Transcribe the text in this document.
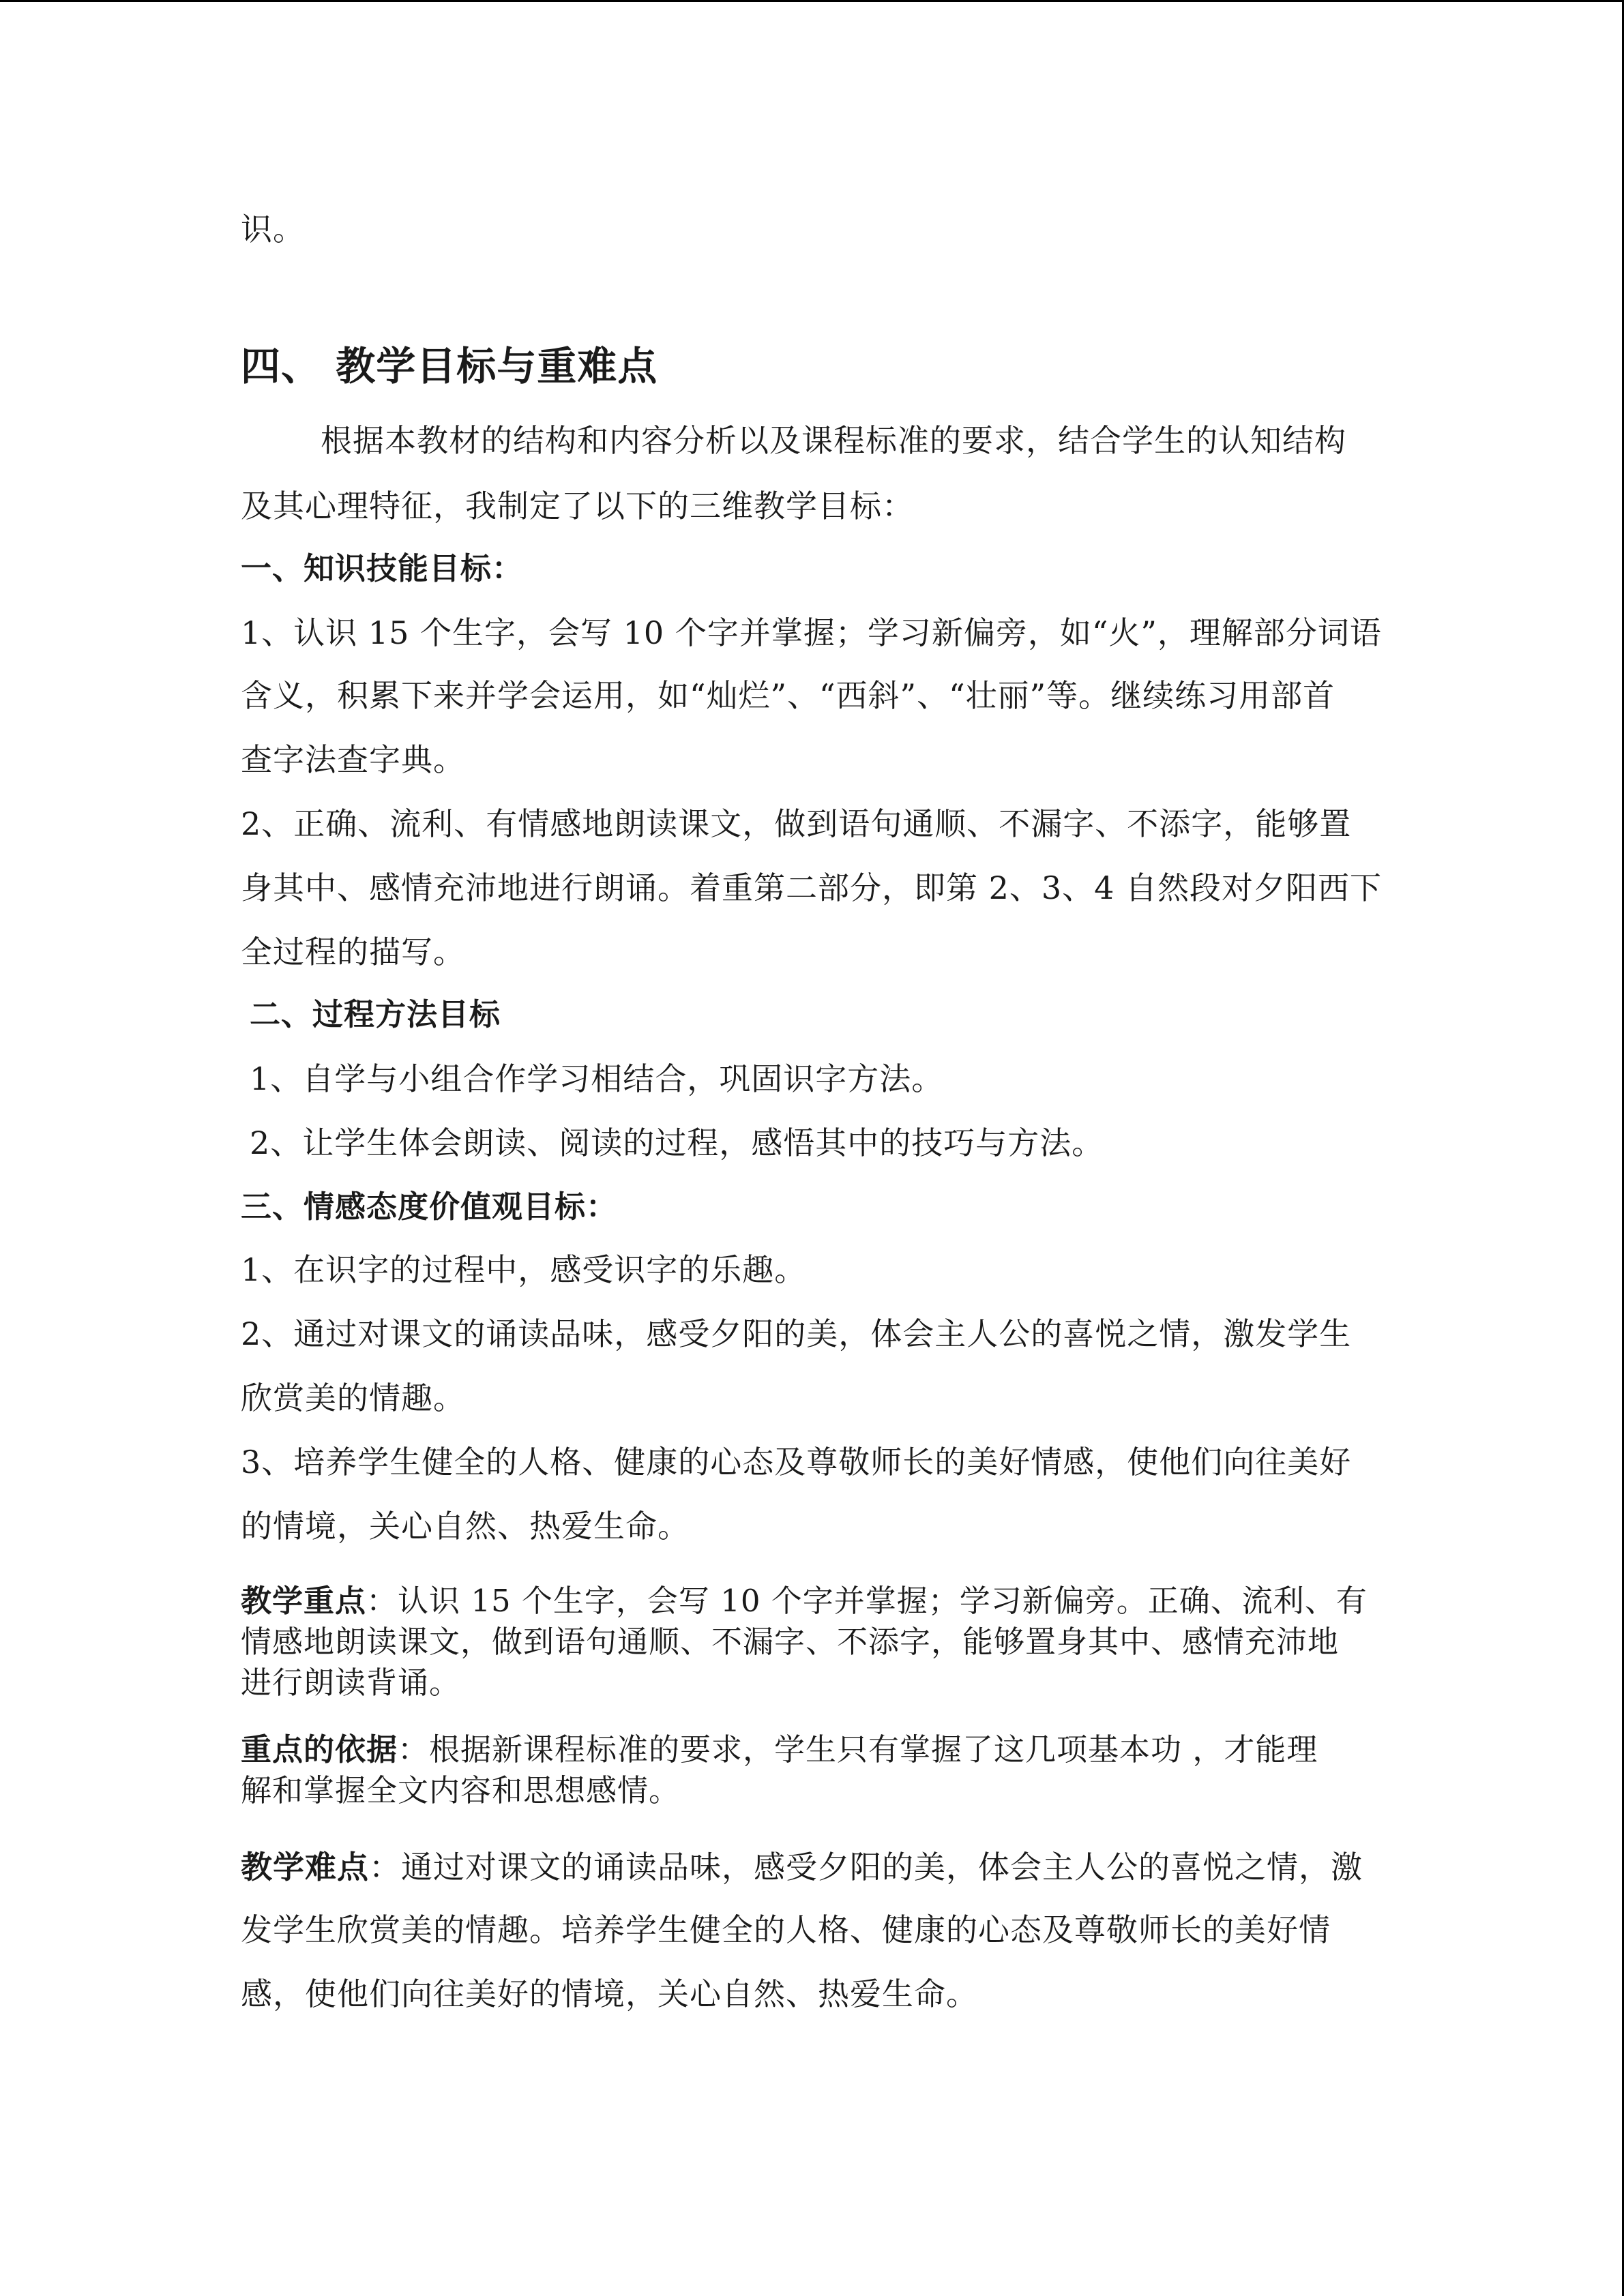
识。
四、 教学目标与重难点
根据本教材的结构和内容分析以及课程标准的要求，结合学生的认知结构
及其心理特征，我制定了以下的三维教学目标：
一、知识技能目标：
1、认识 15 个生字，会写 10 个字并掌握；学习新偏旁，如“火”，理解部分词语
含义，积累下来并学会运用，如“灿烂”、“西斜”、“壮丽”等。继续练习用部首
查字法查字典。
2、正确、流利、有情感地朗读课文，做到语句通顺、不漏字、不添字，能够置
身其中、感情充沛地进行朗诵。着重第二部分，即第 2、3、4 自然段对夕阳西下
全过程的描写。
二、过程方法目标
1、自学与小组合作学习相结合，巩固识字方法。
2、让学生体会朗读、阅读的过程，感悟其中的技巧与方法。
三、情感态度价值观目标：
1、在识字的过程中，感受识字的乐趣。
2、通过对课文的诵读品味，感受夕阳的美，体会主人公的喜悦之情，激发学生
欣赏美的情趣。
3、培养学生健全的人格、健康的心态及尊敬师长的美好情感，使他们向往美好
的情境，关心自然、热爱生命。
教学重点：认识 15 个生字，会写 10 个字并掌握；学习新偏旁。正确、流利、有
情感地朗读课文，做到语句通顺、不漏字、不添字，能够置身其中、感情充沛地
进行朗读背诵。
重点的依据：根据新课程标准的要求，学生只有掌握了这几项基本功 ，才能理
解和掌握全文内容和思想感情。
教学难点：通过对课文的诵读品味，感受夕阳的美，体会主人公的喜悦之情，激
发学生欣赏美的情趣。培养学生健全的人格、健康的心态及尊敬师长的美好情
感，使他们向往美好的情境，关心自然、热爱生命。
